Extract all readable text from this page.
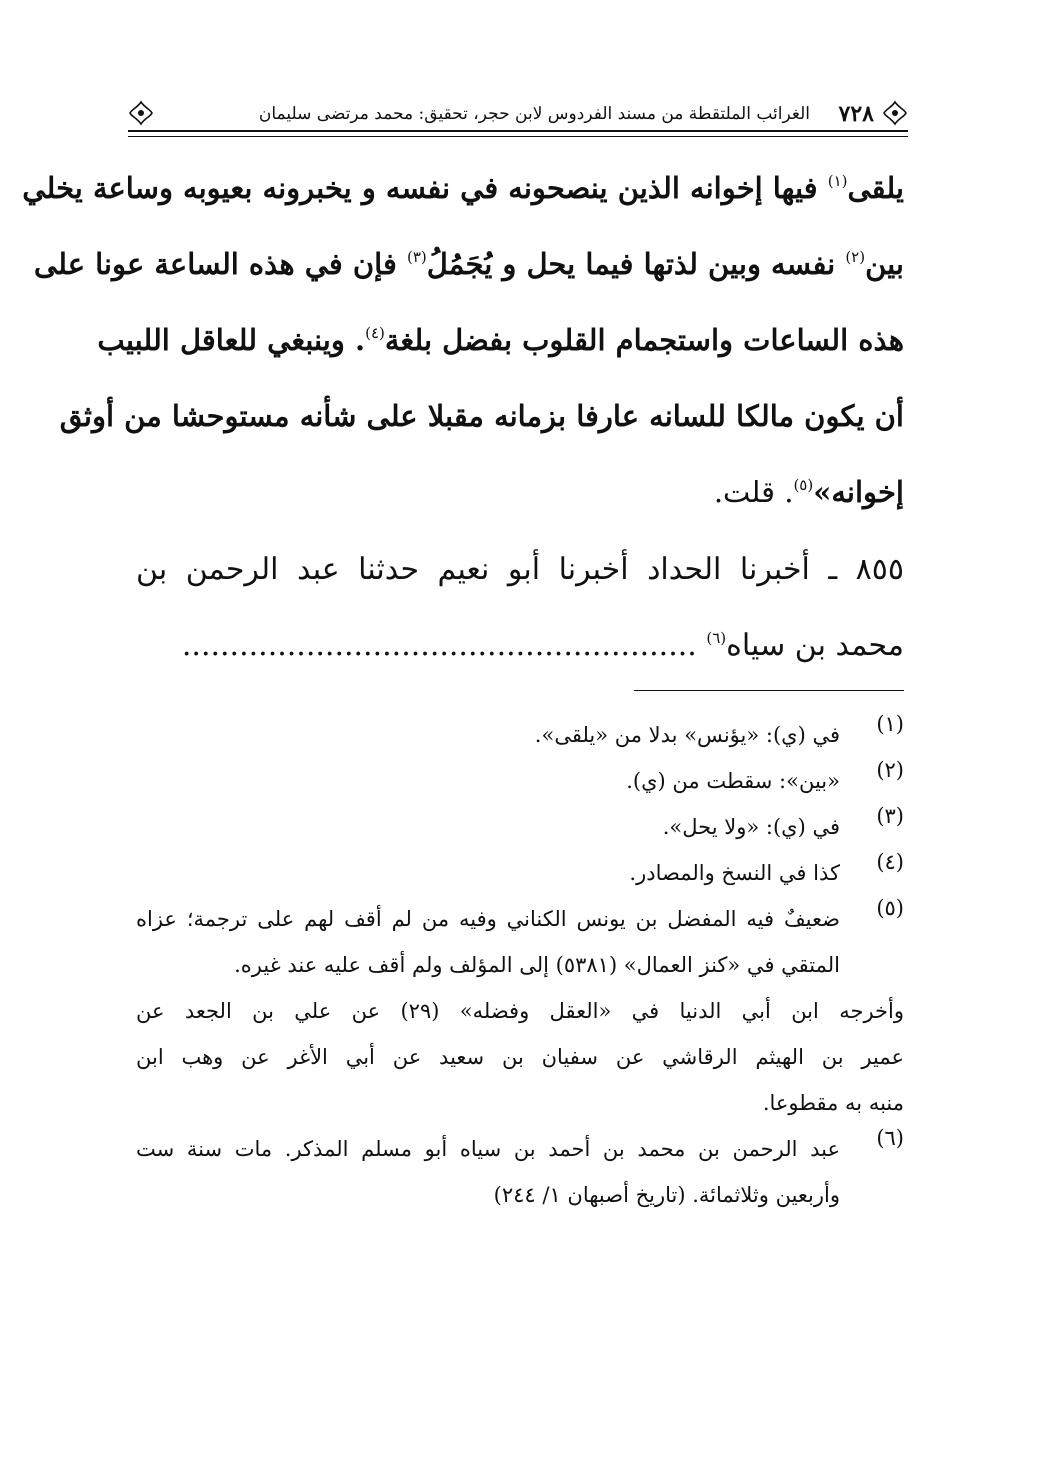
٧٢٨
الغرائب الملتقطة من مسند الفردوس لابن حجر، تحقيق: محمد مرتضى سليمان
يلقى$^{(١)}$ فيها إخوانه الذين ينصحونه في نفسه و يخبرونه بعيوبه وساعة يخلي
بين$^{(٢)}$ نفسه وبين لذتها فيما يحل و يُجَمُلُ$^{(٣)}$ فإن في هذه الساعة عونا على
هذه الساعات واستجمام القلوب بفضل بلغة$^{(٤)}$. وينبغي للعاقل اللبيب
أن يكون مالكا للسانه عارفا بزمانه مقبلا على شأنه مستوحشا من أوثق
إخوانه»$^{(٥)}$. قلت.
٨٥٥ ـ أخبرنا الحداد أخبرنا أبو نعيم حدثنا عبد الرحمن بن
محمد بن سياه$^{(٦)}$ ......................................................
(١)
في (ي): «يؤنس» بدلا من «يلقى».
(٢)
«بين»: سقطت من (ي).
(٣)
في (ي): «ولا يحل».
(٤)
كذا في النسخ والمصادر.
(٥)
ضعيفٌ فيه المفضل بن يونس الكناني وفيه من لم أقف لهم على ترجمة؛ عزاه
المتقي في «كنز العمال» (٥٣٨١) إلى المؤلف ولم أقف عليه عند غيره.
وأخرجه ابن أبي الدنيا في «العقل وفضله» (٢٩) عن علي بن الجعد عن
عمير بن الهيثم الرقاشي عن سفيان بن سعيد عن أبي الأغر عن وهب ابن
منبه به مقطوعا.
(٦)
عبد الرحمن بن محمد بن أحمد بن سياه أبو مسلم المذكر. مات سنة ست
وأربعين وثلاثمائة. (تاريخ أصبهان ١/ ٢٤٤)
